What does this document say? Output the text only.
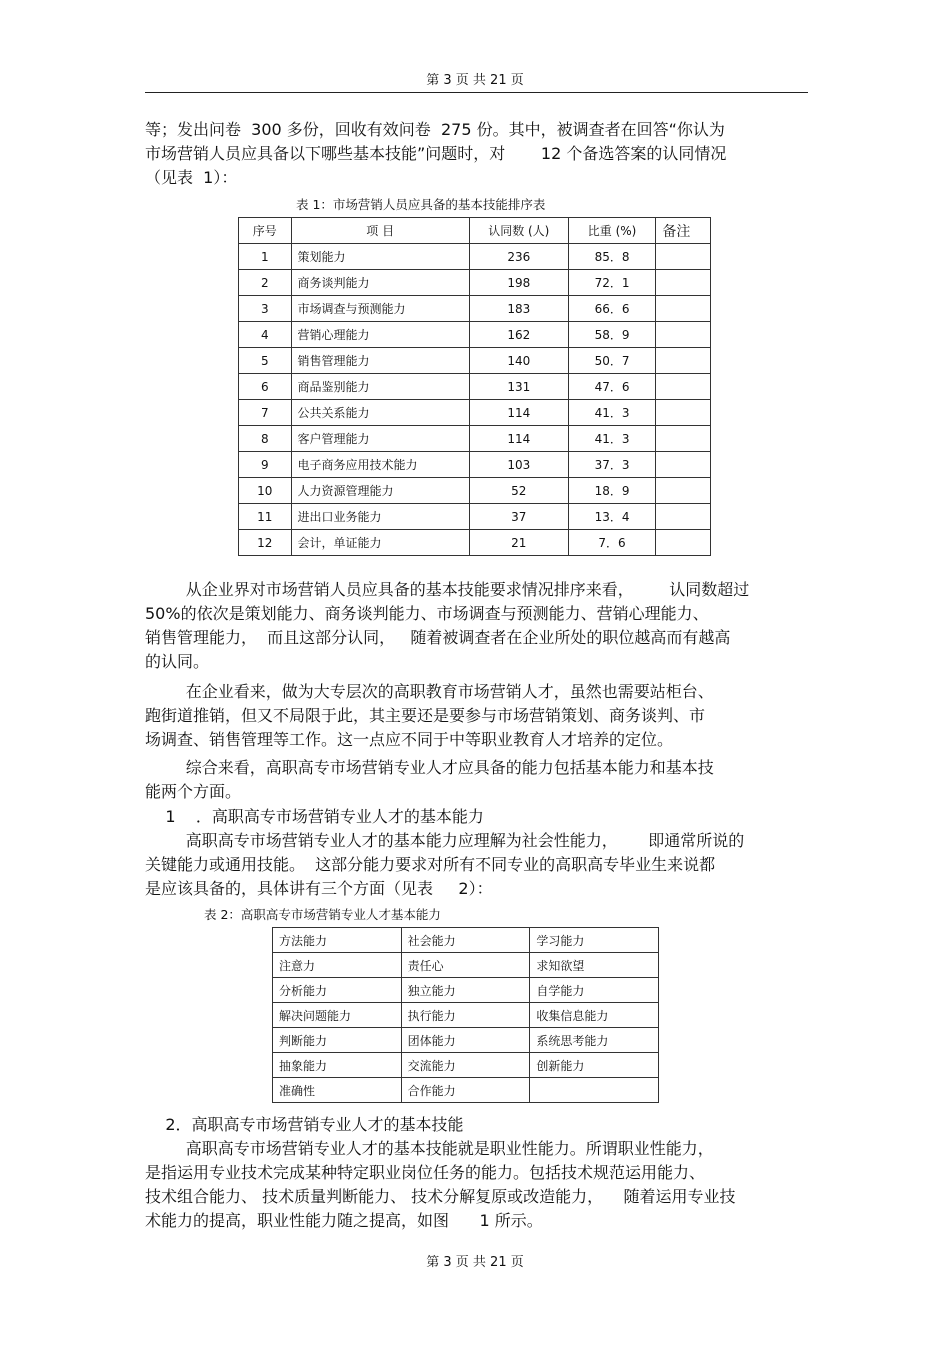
第 3 页 共 21 页

等；发出问卷  300 多份，回收有效问卷  275 份。其中，被调查者在回答“你认为
市场营销人员应具备以下哪些基本技能”问题时，对       12 个备选答案的认同情况
（见表  1）：

表 1：市场营销人员应具备的基本技能排序表
序号	项 目	认同数 (人)	比重 (%)	备注
1	策划能力	236	85．8	
2	商务谈判能力	198	72．1	
3	市场调查与预测能力	183	66．6	
4	营销心理能力	162	58．9	
5	销售管理能力	140	50．7	
6	商品鉴别能力	131	47．6	
7	公共关系能力	114	41．3	
8	客户管理能力	114	41．3	
9	电子商务应用技术能力	103	37．3	
10	人力资源管理能力	52	18．9	
11	进出口业务能力	37	13．4	
12	会计，单证能力	21	7．6	

从企业界对市场营销人员应具备的基本技能要求情况排序来看，       认同数超过
50%的依次是策划能力、商务谈判能力、市场调查与预测能力、营销心理能力、
销售管理能力，  而且这部分认同，   随着被调查者在企业所处的职位越高而有越高
的认同。

在企业看来，做为大专层次的高职教育市场营销人才，虽然也需要站柜台、
跑街道推销，但又不局限于此，其主要还是要参与市场营销策划、商务谈判、市
场调查、销售管理等工作。这一点应不同于中等职业教育人才培养的定位。

综合来看，高职高专市场营销专业人才应具备的能力包括基本能力和基本技
能两个方面。

1    ．高职高专市场营销专业人才的基本能力

高职高专市场营销专业人才的基本能力应理解为社会性能力，      即通常所说的
关键能力或通用技能。  这部分能力要求对所有不同专业的高职高专毕业生来说都
是应该具备的，具体讲有三个方面（见表     2）：

表 2：高职高专市场营销专业人才基本能力
方法能力	社会能力	学习能力
注意力	责任心	求知欲望
分析能力	独立能力	自学能力
解决问题能力	执行能力	收集信息能力
判断能力	团体能力	系统思考能力
抽象能力	交流能力	创新能力
准确性	合作能力	

2．高职高专市场营销专业人才的基本技能

高职高专市场营销专业人才的基本技能就是职业性能力。所谓职业性能力，
是指运用专业技术完成某种特定职业岗位任务的能力。包括技术规范运用能力、
技术组合能力、 技术质量判断能力、 技术分解复原或改造能力，    随着运用专业技
术能力的提高，职业性能力随之提高，如图      1 所示。

第 3 页 共 21 页
